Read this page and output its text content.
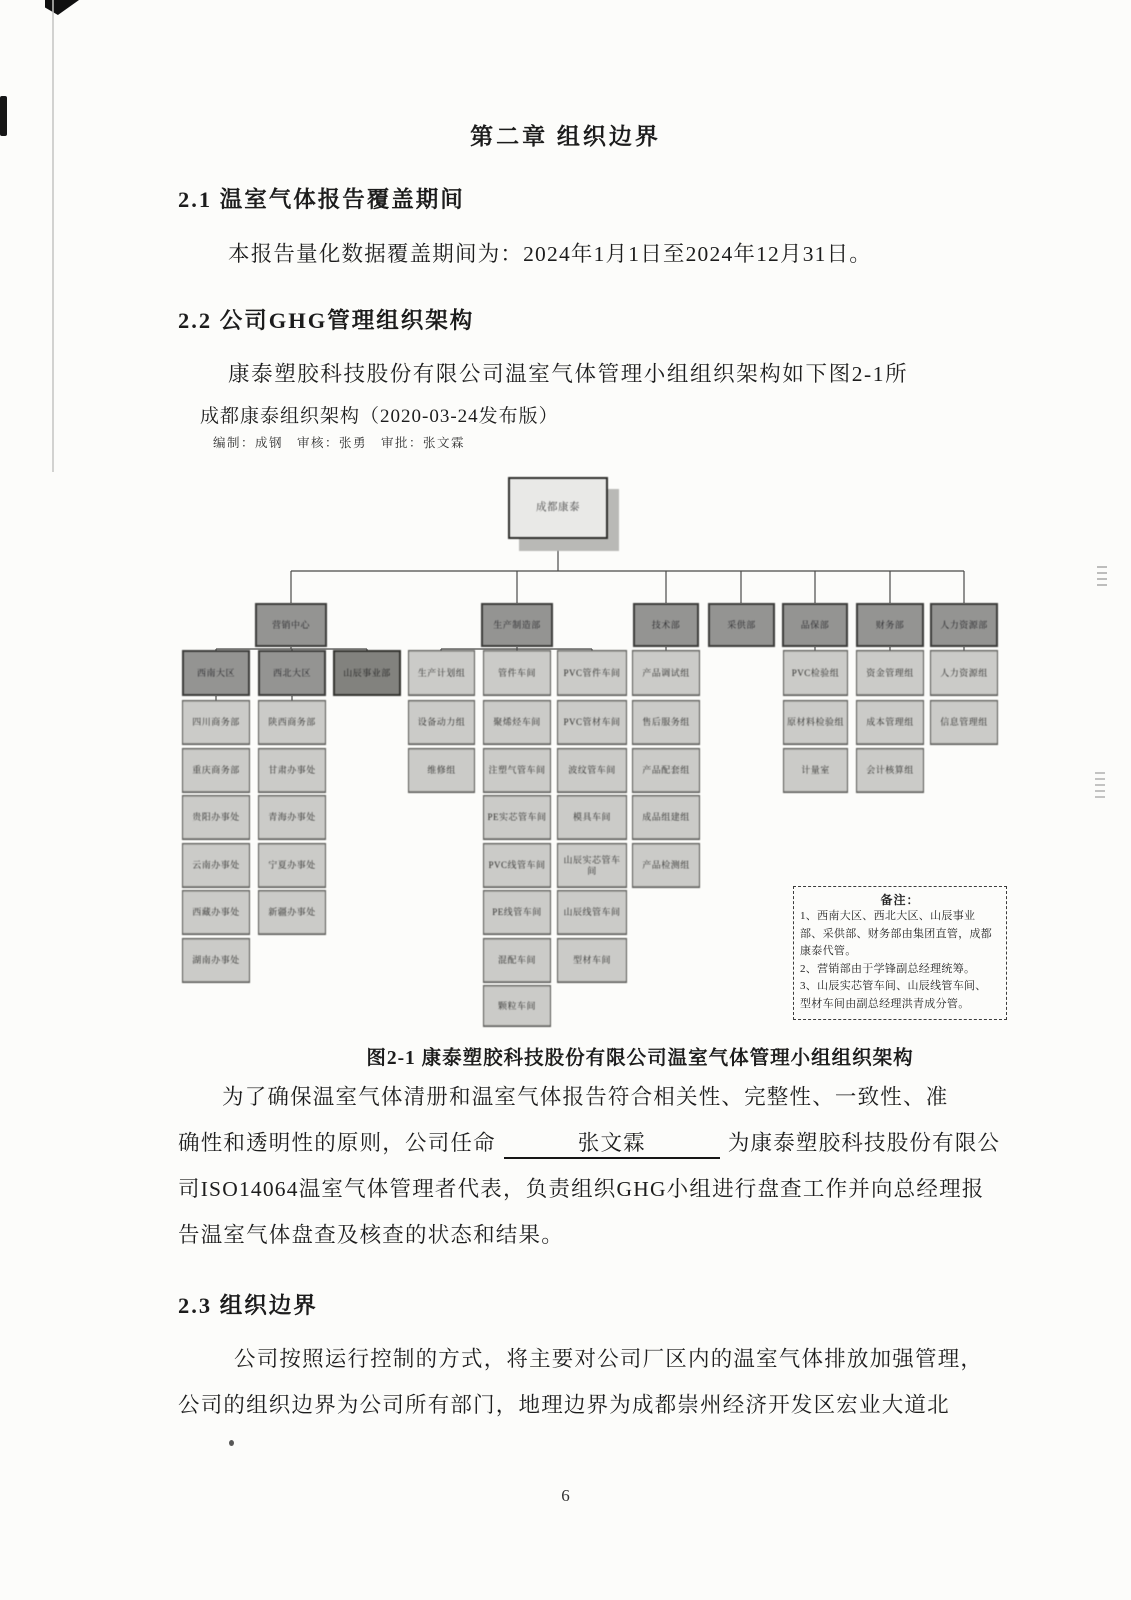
第二章 组织边界
2.1 温室气体报告覆盖期间
本报告量化数据覆盖期间为：2024年1月1日至2024年12月31日。
2.2 公司GHG管理组织架构
康泰塑胶科技股份有限公司温室气体管理小组组织架构如下图2-1所
成都康泰组织架构（2020-03-24发布版）
编制：成钢　审核：张勇　审批：张文霖
成都康泰
营销中心	生产制造部	技术部	采供部	品保部	财务部	人力资源部
西南大区	西北大区	山辰事业部	生产计划组	管件车间	PVC管件车间	产品调试组	PVC检验组	资金管理组	人力资源组
四川商务部	陕西商务部	设备动力组	聚烯烃车间	PVC管材车间	售后服务组	原材料检验组	成本管理组	信息管理组
重庆商务部	甘肃办事处	维修组	注塑气管车间	波纹管车间	产品配套组	计量室	会计核算组
贵阳办事处	青海办事处	PE实芯管车间	模具车间	成品组建组
云南办事处	宁夏办事处	PVC线管车间
山辰实芯管车间
产品检测组
西藏办事处	新疆办事处	PE线管车间	山辰线管车间
湖南办事处	混配车间	型材车间
颗粒车间
备注：
1、西南大区、西北大区、山辰事业
部、采供部、财务部由集团直管，成都
康泰代管。
2、营销部由于学锋副总经理统筹。
3、山辰实芯管车间、山辰线管车间、
型材车间由副总经理洪青成分管。
图2-1 康泰塑胶科技股份有限公司温室气体管理小组组织架构
为了确保温室气体清册和温室气体报告符合相关性、完整性、一致性、准
确性和透明性的原则，公司任命	张文霖	为康泰塑胶科技股份有限公
司ISO14064温室气体管理者代表，负责组织GHG小组进行盘查工作并向总经理报
告温室气体盘查及核查的状态和结果。
2.3 组织边界
公司按照运行控制的方式，将主要对公司厂区内的温室气体排放加强管理，
公司的组织边界为公司所有部门，地理边界为成都崇州经济开发区宏业大道北
6
